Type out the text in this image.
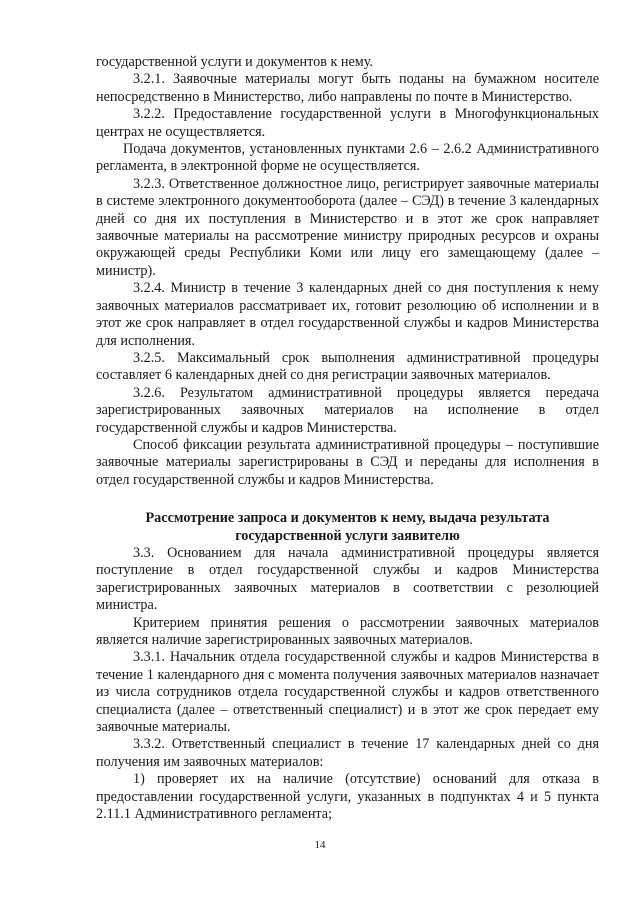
государственной услуги и документов к нему.

3.2.1. Заявочные материалы могут быть поданы на бумажном носителе непосредственно в Министерство, либо направлены по почте в Министерство.

3.2.2. Предоставление государственной услуги в Многофункциональных центрах не осуществляется.

Подача документов, установленных пунктами 2.6 – 2.6.2 Административного регламента, в электронной форме не осуществляется.

3.2.3. Ответственное должностное лицо, регистрирует заявочные материалы в системе электронного документооборота (далее – СЭД) в течение 3 календарных дней со дня их поступления в Министерство и в этот же срок направляет заявочные материалы на рассмотрение министру природных ресурсов и охраны окружающей среды Республики Коми или лицу его замещающему (далее – министр).

3.2.4. Министр в течение 3 календарных дней со дня поступления к нему заявочных материалов рассматривает их, готовит резолюцию об исполнении и в этот же срок направляет в отдел государственной службы и кадров Министерства для исполнения.

3.2.5. Максимальный срок выполнения административной процедуры составляет 6 календарных дней со дня регистрации заявочных материалов.

3.2.6. Результатом административной процедуры является передача зарегистрированных заявочных материалов на исполнение в отдел государственной службы и кадров Министерства.

Способ фиксации результата административной процедуры – поступившие заявочные материалы зарегистрированы в СЭД и переданы для исполнения в отдел государственной службы и кадров Министерства.

Рассмотрение запроса и документов к нему, выдача результата государственной услуги заявителю

3.3. Основанием для начала административной процедуры является поступление в отдел государственной службы и кадров Министерства зарегистрированных заявочных материалов в соответствии с резолюцией министра.

Критерием принятия решения о рассмотрении заявочных материалов является наличие зарегистрированных заявочных материалов.

3.3.1. Начальник отдела государственной службы и кадров Министерства в течение 1 календарного дня с момента получения заявочных материалов назначает из числа сотрудников отдела государственной службы и кадров ответственного специалиста (далее – ответственный специалист) и в этот же срок передает ему заявочные материалы.

3.3.2. Ответственный специалист в течение 17 календарных дней со дня получения им заявочных материалов:

1) проверяет их на наличие (отсутствие) оснований для отказа в предоставлении государственной услуги, указанных в подпунктах 4 и 5 пункта 2.11.1 Административного регламента;

14
